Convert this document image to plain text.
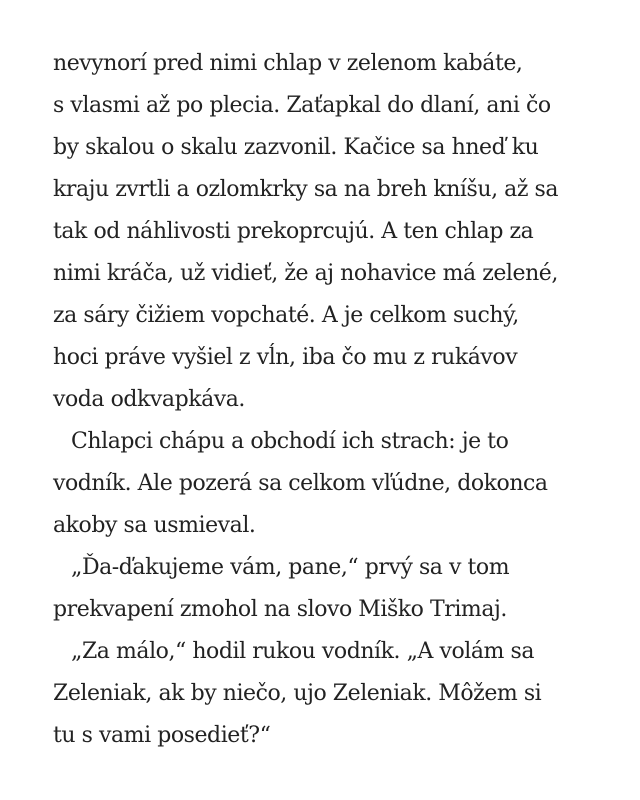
nevynorí pred nimi chlap v zelenom kabáte,
s vlasmi až po plecia. Zaťapkal do dlaní, ani čo
by skalou o skalu zazvonil. Kačice sa hneď ku
kraju zvrtli a ozlomkrky sa na breh kníšu, až sa
tak od náhlivosti prekoprcujú. A ten chlap za
nimi kráča, už vidieť, že aj nohavice má zelené,
za sáry čižiem vopchaté. A je celkom suchý,
hoci práve vyšiel z vĺn, iba čo mu z rukávov
voda odkvapkáva.
Chlapci chápu a obchodí ich strach: je to
vodník. Ale pozerá sa celkom vľúdne, dokonca
akoby sa usmieval.
„Ďa-ďakujeme vám, pane,“ prvý sa v tom
prekvapení zmohol na slovo Miško Trimaj.
„Za málo,“ hodil rukou vodník. „A volám sa
Zeleniak, ak by niečo, ujo Zeleniak. Môžem si
tu s vami posedieť?“
